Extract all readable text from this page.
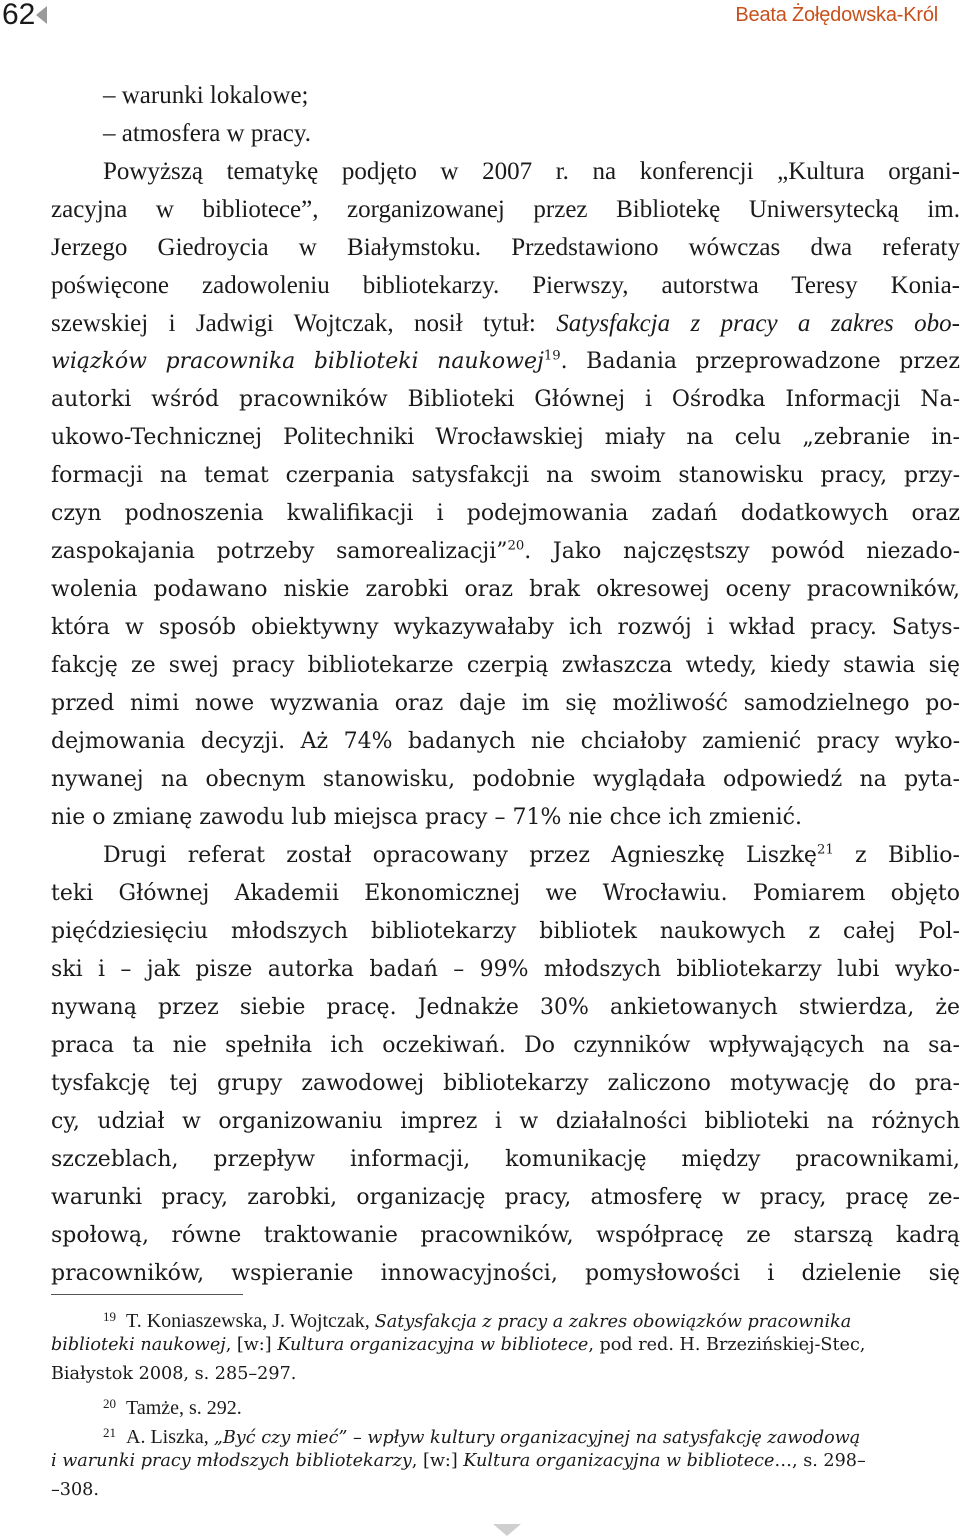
62	Beata Żołędowska-Król
– warunki lokalowe;
– atmosfera w pracy.
Powyższą tematykę podjęto w 2007 r. na konferencji „Kultura organi-
zacyjna w bibliotece”, zorganizowanej przez Bibliotekę Uniwersytecką im.
Jerzego Giedroycia w Białymstoku. Przedstawiono wówczas dwa referaty
poświęcone zadowoleniu bibliotekarzy. Pierwszy, autorstwa Teresy Konia-
szewskiej i Jadwigi Wojtczak, nosił tytuł: Satysfakcja z pracy a zakres obo-
wiązków pracownika biblioteki naukowej$^{19}$. Badania przeprowadzone przez
autorki wśród pracowników Biblioteki Głównej i Ośrodka Informacji Na-
ukowo-Technicznej Politechniki Wrocławskiej miały na celu „zebranie in-
formacji na temat czerpania satysfakcji na swoim stanowisku pracy, przy-
czyn podnoszenia kwalifikacji i podejmowania zadań dodatkowych oraz
zaspokajania potrzeby samorealizacji”$^{20}$. Jako najczęstszy powód niezado-
wolenia podawano niskie zarobki oraz brak okresowej oceny pracowników,
która w sposób obiektywny wykazywałaby ich rozwój i wkład pracy. Satys-
fakcję ze swej pracy bibliotekarze czerpią zwłaszcza wtedy, kiedy stawia się
przed nimi nowe wyzwania oraz daje im się możliwość samodzielnego po-
dejmowania decyzji. Aż 74% badanych nie chciałoby zamienić pracy wyko-
nywanej na obecnym stanowisku, podobnie wyglądała odpowiedź na pyta-
nie o zmianę zawodu lub miejsca pracy – 71% nie chce ich zmienić.
Drugi referat został opracowany przez Agnieszkę Liszkę$^{21}$ z Biblio-
teki Głównej Akademii Ekonomicznej we Wrocławiu. Pomiarem objęto
pięćdziesięciu młodszych bibliotekarzy bibliotek naukowych z całej Pol-
ski i – jak pisze autorka badań – 99% młodszych bibliotekarzy lubi wyko-
nywaną przez siebie pracę. Jednakże 30% ankietowanych stwierdza, że
praca ta nie spełniła ich oczekiwań. Do czynników wpływających na sa-
tysfakcję tej grupy zawodowej bibliotekarzy zaliczono motywację do pra-
cy, udział w organizowaniu imprez i w działalności biblioteki na różnych
szczeblach, przepływ informacji, komunikację między pracownikami,
warunki pracy, zarobki, organizację pracy, atmosferę w pracy, pracę ze-
społową, równe traktowanie pracowników, współpracę ze starszą kadrą
pracowników, wspieranie innowacyjności, pomysłowości i dzielenie się
$^{19}$ T. Koniaszewska, J. Wojtczak, Satysfakcja z pracy a zakres obowiązków pracownika
biblioteki naukowej, [w:] Kultura organizacyjna w bibliotece, pod red. H. Brzezińskiej-Stec,
Białystok 2008, s. 285–297.
$^{20}$ Tamże, s. 292.
$^{21}$ A. Liszka, „Być czy mieć” – wpływ kultury organizacyjnej na satysfakcję zawodową
i warunki pracy młodszych bibliotekarzy, [w:] Kultura organizacyjna w bibliotece…, s. 298–
–308.
